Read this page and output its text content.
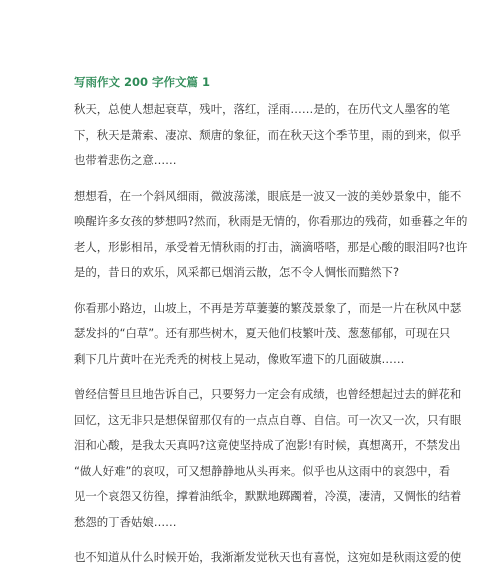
写雨作文 200 字作文篇 1

秋天，总使人想起衰草，残叶，落红，淫雨……是的，在历代文人墨客的笔
下，秋天是萧索、凄凉、颓唐的象征，而在秋天这个季节里，雨的到来，似乎
也带着悲伤之意……

想想看，在一个斜风细雨，微波荡漾，眼底是一波又一波的美妙景象中，能不
唤醒许多女孩的梦想吗?然而，秋雨是无情的，你看那边的残荷，如垂暮之年的
老人，形影相吊，承受着无情秋雨的打击，滴滴嗒嗒，那是心酸的眼泪吗?也许
是的，昔日的欢乐，风采都已烟消云散，怎不令人惆怅而黯然下?

你看那小路边，山坡上，不再是芳草萋萋的繁茂景象了，而是一片在秋风中瑟
瑟发抖的“白草”。还有那些树木，夏天他们枝繁叶茂、葱葱郁郁，可现在只
剩下几片黄叶在光秃秃的树枝上晃动，像败军遗下的几面破旗……

曾经信誓旦旦地告诉自己，只要努力一定会有成绩，也曾经想起过去的鲜花和
回忆，这无非只是想保留那仅有的一点点自尊、自信。可一次又一次，只有眼
泪和心酸，是我太天真吗?这竟使坚持成了泡影!有时候，真想离开，不禁发出
“做人好难”的哀叹，可又想静静地从头再来。似乎也从这雨中的哀怨中，看
见一个哀怨又彷徨，撑着油纸伞，默默地踯躅着，冷漠，凄清，又惆怅的结着
愁怨的丁香姑娘……

也不知道从什么时候开始，我渐渐发觉秋天也有喜悦，这宛如是秋雨这爱的使
